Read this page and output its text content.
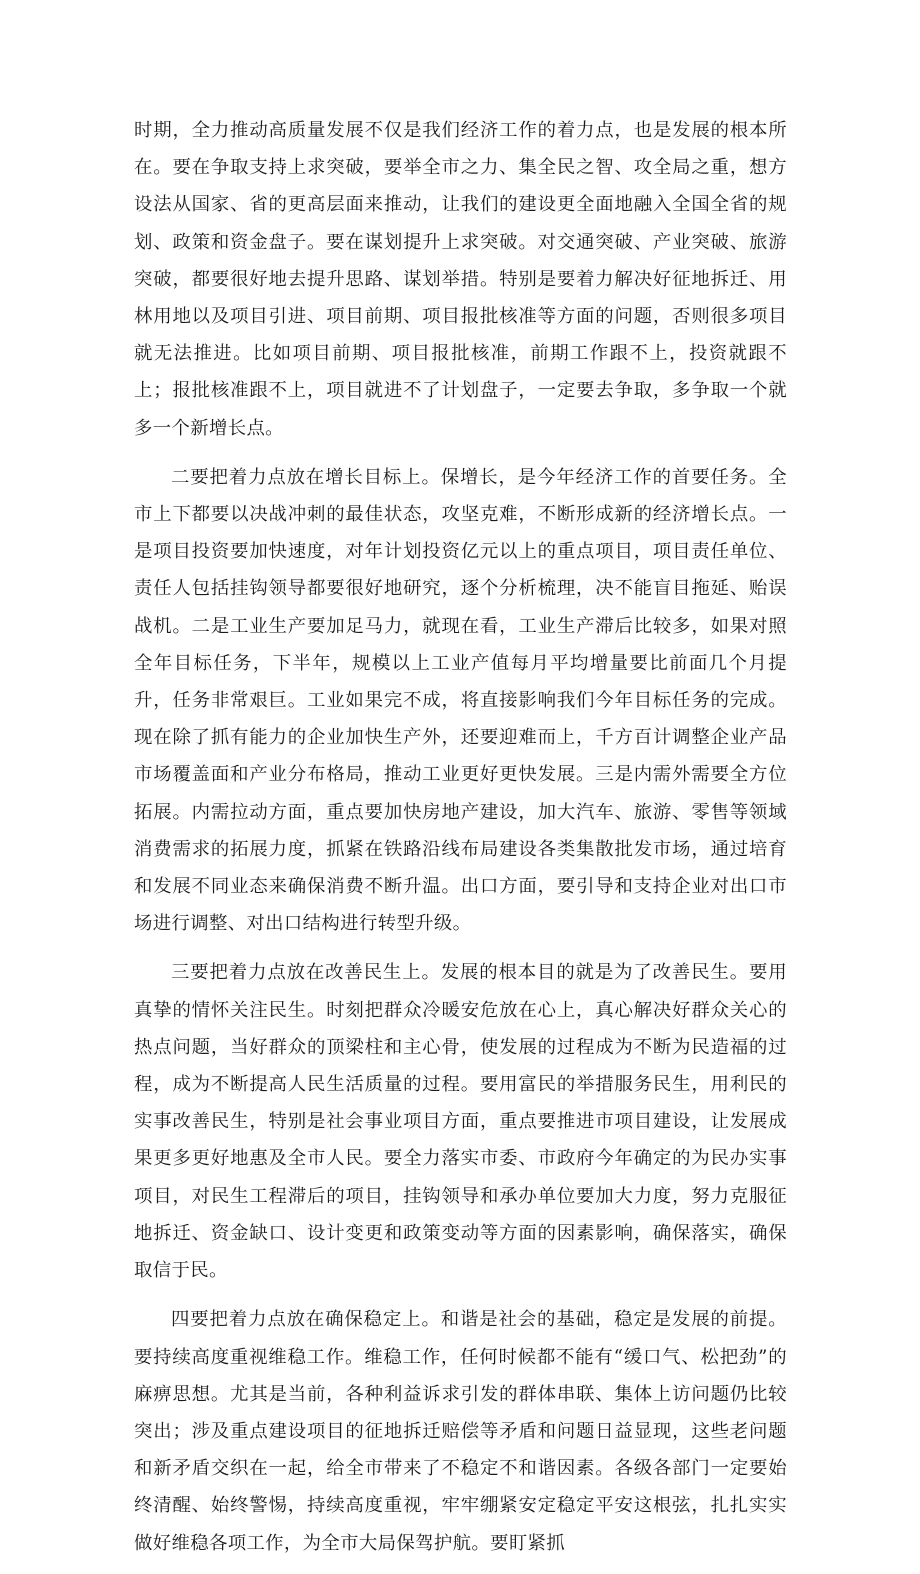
时期，全力推动高质量发展不仅是我们经济工作的着力点，也是发展的根本所在。要在争取支持上求突破，要举全市之力、集全民之智、攻全局之重，想方设法从国家、省的更高层面来推动，让我们的建设更全面地融入全国全省的规划、政策和资金盘子。要在谋划提升上求突破。对交通突破、产业突破、旅游突破，都要很好地去提升思路、谋划举措。特别是要着力解决好征地拆迁、用林用地以及项目引进、项目前期、项目报批核准等方面的问题，否则很多项目就无法推进。比如项目前期、项目报批核准，前期工作跟不上，投资就跟不上；报批核准跟不上，项目就进不了计划盘子，一定要去争取，多争取一个就多一个新增长点。

二要把着力点放在增长目标上。保增长，是今年经济工作的首要任务。全市上下都要以决战冲刺的最佳状态，攻坚克难，不断形成新的经济增长点。一是项目投资要加快速度，对年计划投资亿元以上的重点项目，项目责任单位、责任人包括挂钩领导都要很好地研究，逐个分析梳理，决不能盲目拖延、贻误战机。二是工业生产要加足马力，就现在看，工业生产滞后比较多，如果对照全年目标任务，下半年，规模以上工业产值每月平均增量要比前面几个月提升，任务非常艰巨。工业如果完不成，将直接影响我们今年目标任务的完成。现在除了抓有能力的企业加快生产外，还要迎难而上，千方百计调整企业产品市场覆盖面和产业分布格局，推动工业更好更快发展。三是内需外需要全方位拓展。内需拉动方面，重点要加快房地产建设，加大汽车、旅游、零售等领域消费需求的拓展力度，抓紧在铁路沿线布局建设各类集散批发市场，通过培育和发展不同业态来确保消费不断升温。出口方面，要引导和支持企业对出口市场进行调整、对出口结构进行转型升级。

三要把着力点放在改善民生上。发展的根本目的就是为了改善民生。要用真挚的情怀关注民生。时刻把群众冷暖安危放在心上，真心解决好群众关心的热点问题，当好群众的顶梁柱和主心骨，使发展的过程成为不断为民造福的过程，成为不断提高人民生活质量的过程。要用富民的举措服务民生，用利民的实事改善民生，特别是社会事业项目方面，重点要推进市项目建设，让发展成果更多更好地惠及全市人民。要全力落实市委、市政府今年确定的为民办实事项目，对民生工程滞后的项目，挂钩领导和承办单位要加大力度，努力克服征地拆迁、资金缺口、设计变更和政策变动等方面的因素影响，确保落实，确保取信于民。

四要把着力点放在确保稳定上。和谐是社会的基础，稳定是发展的前提。要持续高度重视维稳工作。维稳工作，任何时候都不能有“缓口气、松把劲”的麻痹思想。尤其是当前，各种利益诉求引发的群体串联、集体上访问题仍比较突出；涉及重点建设项目的征地拆迁赔偿等矛盾和问题日益显现，这些老问题和新矛盾交织在一起，给全市带来了不稳定不和谐因素。各级各部门一定要始终清醒、始终警惕，持续高度重视，牢牢绷紧安定稳定平安这根弦，扎扎实实做好维稳各项工作，为全市大局保驾护航。要盯紧抓
